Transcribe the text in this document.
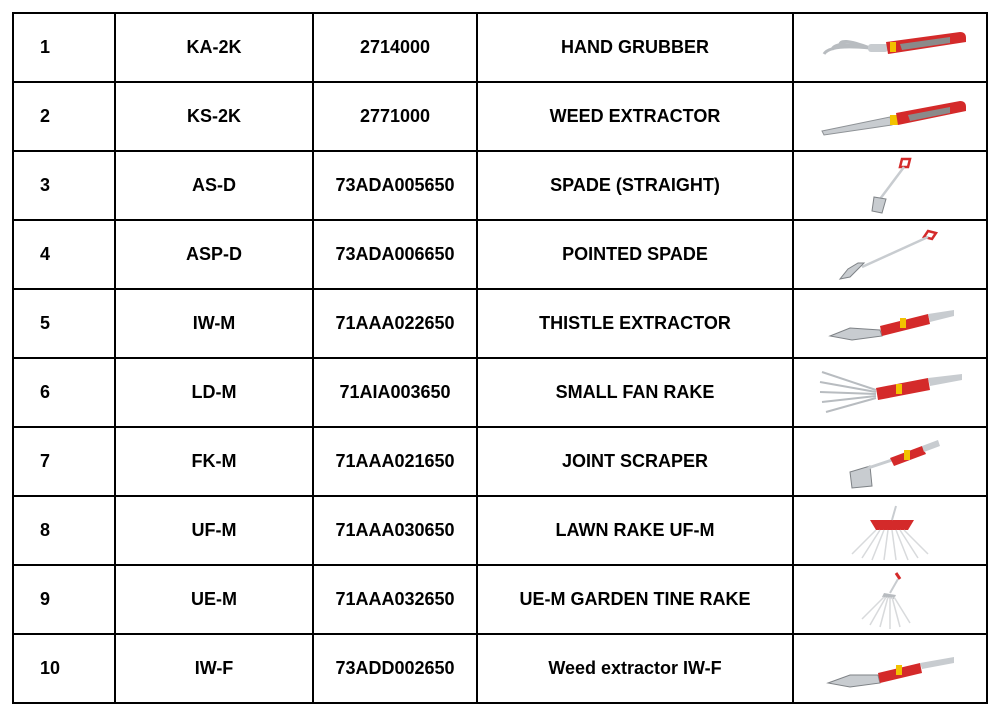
1	KA-2K	2714000	HAND GRUBBER	

2	KS-2K	2771000	WEED EXTRACTOR	

3	AS-D	73ADA005650	SPADE (STRAIGHT)	

4	ASP-D	73ADA006650	POINTED SPADE	

5	IW-M	71AAA022650	THISTLE EXTRACTOR	

6	LD-M	71AIA003650	SMALL FAN RAKE	

7	FK-M	71AAA021650	JOINT SCRAPER	

8	UF-M	71AAA030650	LAWN RAKE UF-M	

9	UE-M	71AAA032650	UE-M GARDEN TINE RAKE	

10	IW-F	73ADD002650	Weed extractor IW-F	
